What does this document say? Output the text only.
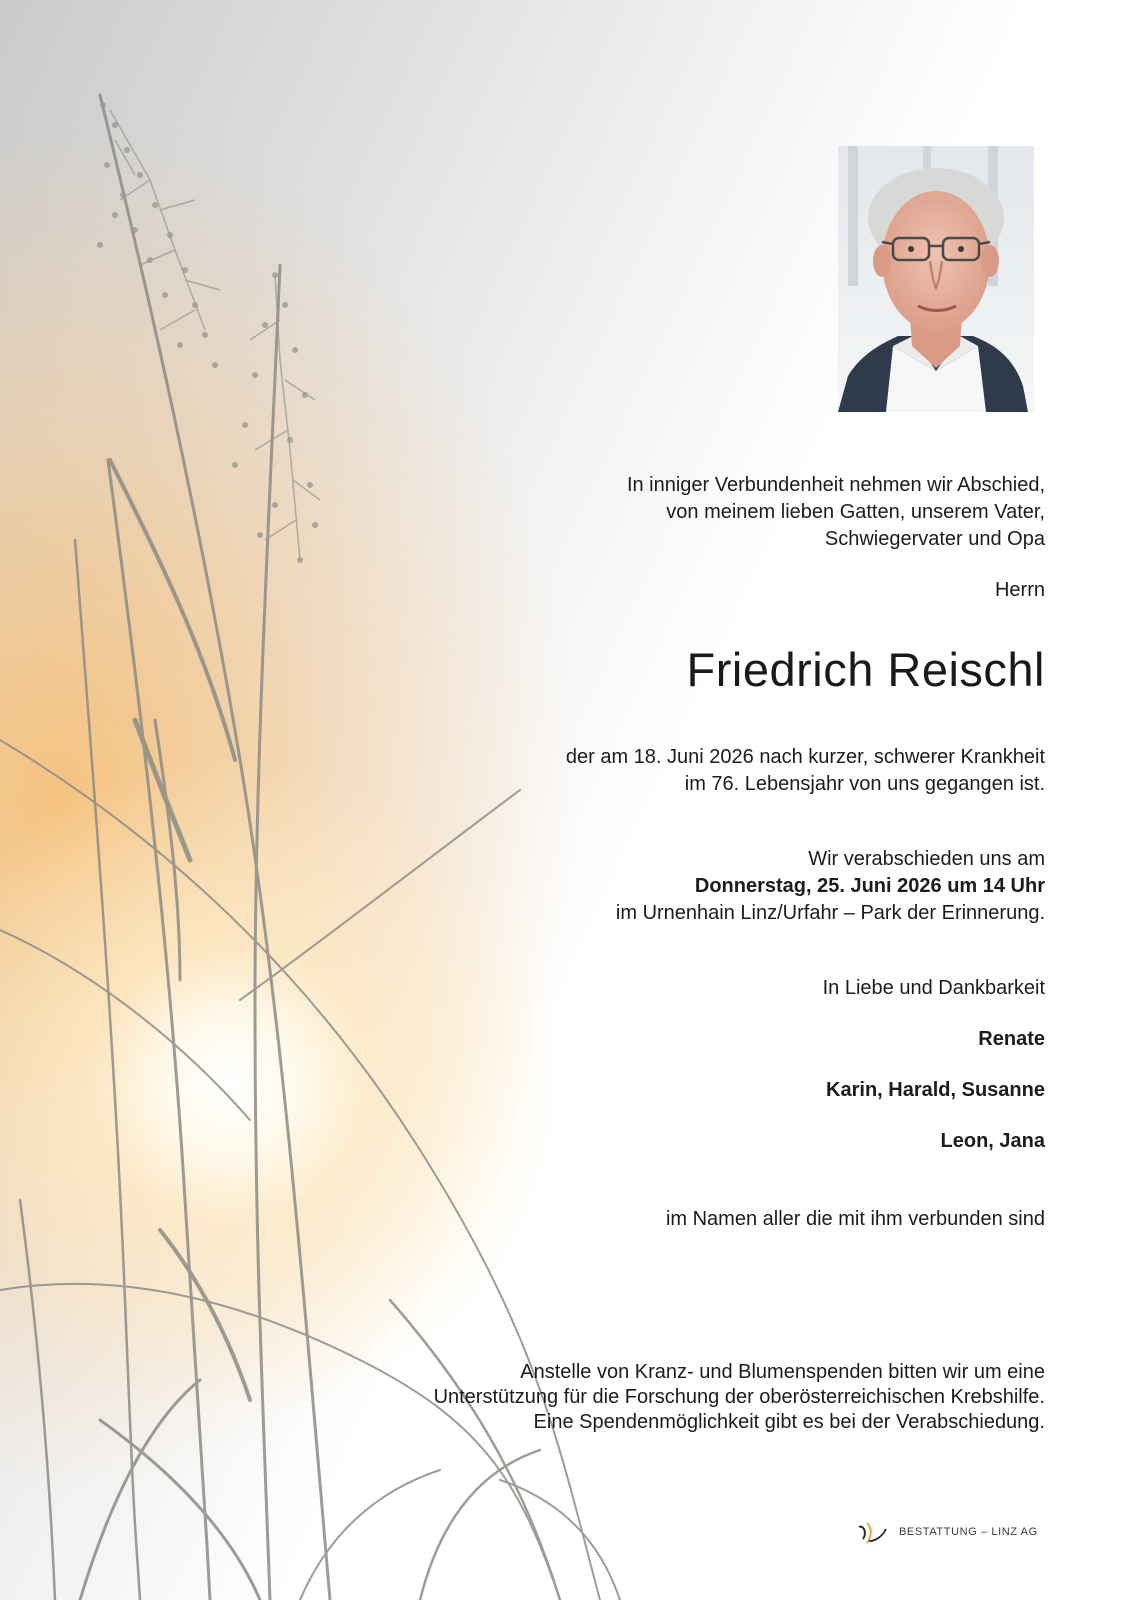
In inniger Verbundenheit nehmen wir Abschied,
von meinem lieben Gatten, unserem Vater,
Schwiegervater und Opa

Herrn

Friedrich Reischl

der am 18. Juni 2026 nach kurzer, schwerer Krankheit
im 76. Lebensjahr von uns gegangen ist.

Wir verabschieden uns am
Donnerstag, 25. Juni 2026 um 14 Uhr
im Urnenhain Linz/Urfahr – Park der Erinnerung.

In Liebe und Dankbarkeit

Renate

Karin, Harald, Susanne

Leon, Jana

im Namen aller die mit ihm verbunden sind

Anstelle von Kranz- und Blumenspenden bitten wir um eine
Unterstützung für die Forschung der oberösterreichischen Krebshilfe.
Eine Spendenmöglichkeit gibt es bei der Verabschiedung.

BESTATTUNG – LINZ AG
